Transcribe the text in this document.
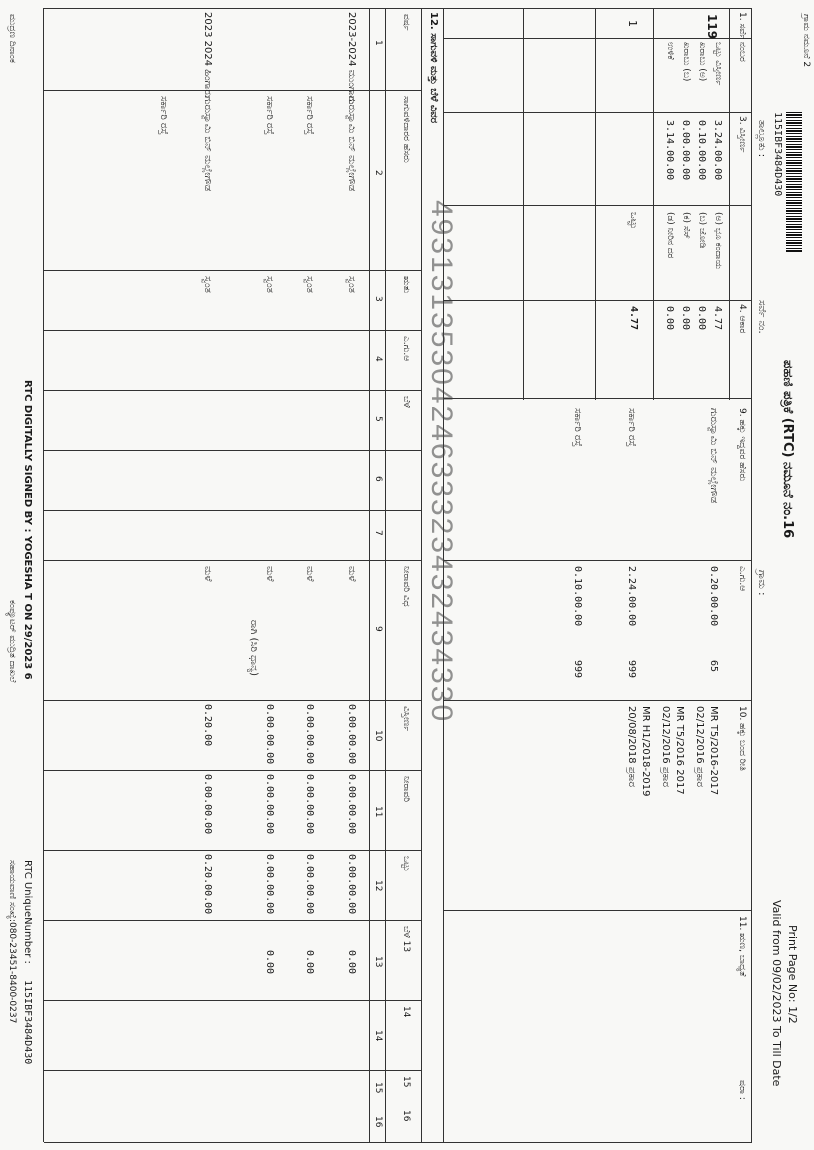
ಗ್ರಾಮ ನಮೂನೆ 2
115IBF3484D430
ತಾಲ್ಲೂಕು :
ಸರ್ವೆ ನಂ.
ಗ್ರಾಮ :
ಪಹಣಿ ಪತ್ರಿಕೆ (RTC) ನಮೂನೆ ನಂ.16
Print Page No: 1/2
Valid from 09/02/2023 To Till Date
1. ಸರ್ವೆ ನಂಬರ
3. ವಿಸ್ತೀರ್ಣ
4. ಆಕಾರ
9. ಹಕ್ಕು ಇದ್ದವರ ಹೆಸರು
ಎ.ಗು.ಆ
10. ಹಕ್ಕು ಬಂದ ರೀತಿ
11. ಋಣ, ಬಾಧ್ಯತೆ
ಷರಾ :
119
1
ಒಟ್ಟು ವಿಸ್ತೀರ್ಣ
3.24.00.00
ಖರಾಬು (ಅ)
0.10.00.00
ಖರಾಬು (ಬ)
0.00.00.00
ಉಳಿಕೆ
3.14.00.00
(ಅ) ಭೂ ಕಂದಾಯ
4.77
(ಬ) ಜೋಡಿ
0.00
(ಕ) ಸೆಸ್
0.00
(ಡ) ನೀರಿನ ದರ
0.00
ಒಟ್ಟು
4.77
ಗುರುಸ್ವಾಮಿ ಬಿನ್ ಮಲ್ಲೇಗೌಡ
0.20.00.00
65
ಸರ್ಕಾರಿ ರಸ್ತೆ
2.24.00.00
999
ಸರ್ಕಾರಿ ರಸ್ತೆ
0.10.00.00
999
MR T5/2016-2017
02/12/2016 ಪ್ರಕಾರ
MR T5/2016 2017
02/12/2016 ಪ್ರಕಾರ
MR H1/2018-2019
20/08/2018 ಪ್ರಕಾರ
12. ಸಾಗುವಳಿ ಮತ್ತು ಬೆಳೆ ವಿವರ
ವರ್ಷ
ಸಾಗುವಳಿದಾರರ ಹೆಸರು
ಋತು
ಎ.ಗು.ಆ
ಬೆಳೆ
ನೀರಾವರಿ ವಿಧ
ವಿಸ್ತೀರ್ಣ
ನೀರಾವರಿ
ಒಟ್ಟು
ಬೆಳೆ 13
14
15
16
1
2
3
4
5
6
7
9
10
11
12
13
14
15
16
2023-2024 ಮುಂಗಾರು
ಗುರುಸ್ವಾಮಿ ಬಿನ್ ಮಲ್ಲೇಗೌಡ
ಸ್ವಂತ
ಮಳೆ
0.00.00.00
0.00.00.00
0.00.00.00
0.00
ಸರ್ಕಾರಿ ರಸ್ತೆ
ಸ್ವಂತ
ಮಳೆ
0.00.00.00
0.00.00.00
0.00.00.00
0.00
ಸರ್ಕಾರಿ ರಸ್ತೆ
ಸ್ವಂತ
ಮಳೆ
ರಾಗಿ (ಸಿರಿ ಧಾನ್ಯ)
0.00.00.00
0.00.00.00
0.00.00.00
0.00
2023 2024 ಹಿಂಗಾರು
ಗುರುಸ್ವಾಮಿ ಬಿನ್ ಮಲ್ಲೇಗೌಡ
ಸ್ವಂತ
ಮಳೆ
0.20.00
0.00.00.00
0.20.00.00
ಸರ್ಕಾರಿ ರಸ್ತೆ
4931313530424633323432434330
RTC DIGITALLY SIGNED BY : YOGESHA T ON 29/2023 6
RTC UniqueNumber :
115IBF3484D430
ಸಹಾಯವಾಣಿ ಸಂಖ್ಯೆ:080-23451-8400-0237
ಮುದ್ರಣ ದಿನಾಂಕ
ಕಂಪ್ಯೂಟರ್ ಮುದ್ರಿತ ದಾಖಲೆ
